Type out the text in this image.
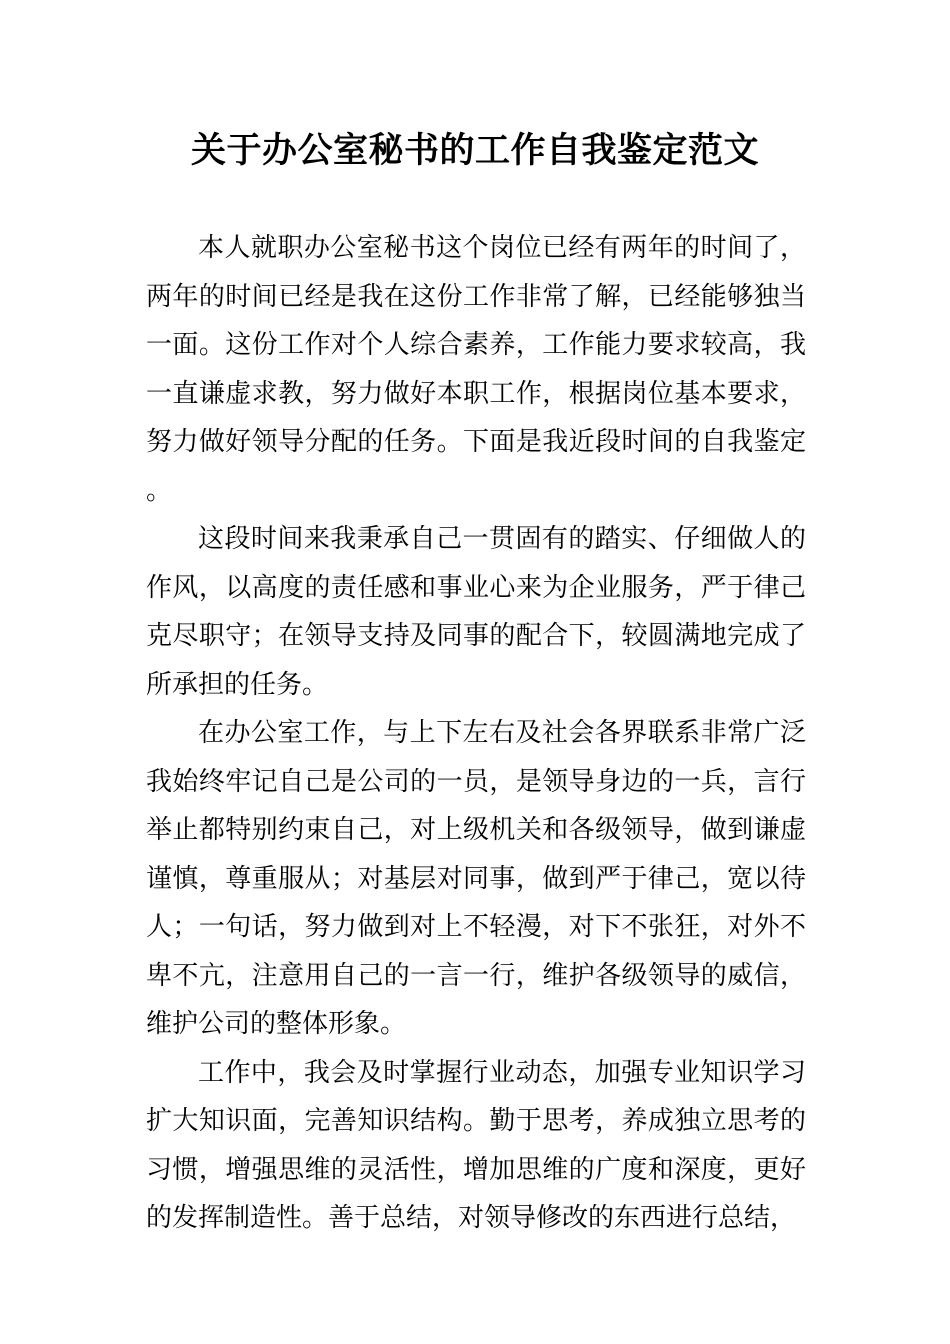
关于办公室秘书的工作自我鉴定范文

本人就职办公室秘书这个岗位已经有两年的时间了，两年的时间已经是我在这份工作非常了解，已经能够独当一面。这份工作对个人综合素养，工作能力要求较高，我一直谦虚求教，努力做好本职工作，根据岗位基本要求，努力做好领导分配的任务。下面是我近段时间的自我鉴定。

这段时间来我秉承自己一贯固有的踏实、仔细做人的作风，以高度的责任感和事业心来为企业服务，严于律己克尽职守；在领导支持及同事的配合下，较圆满地完成了所承担的任务。

在办公室工作，与上下左右及社会各界联系非常广泛我始终牢记自己是公司的一员，是领导身边的一兵，言行举止都特别约束自己，对上级机关和各级领导，做到谦虚谨慎，尊重服从；对基层对同事，做到严于律己，宽以待人；一句话，努力做到对上不轻漫，对下不张狂，对外不卑不亢，注意用自己的一言一行，维护各级领导的威信，维护公司的整体形象。

工作中，我会及时掌握行业动态，加强专业知识学习扩大知识面，完善知识结构。勤于思考，养成独立思考的习惯，增强思维的灵活性，增加思维的广度和深度，更好的发挥制造性。善于总结，对领导修改的东西进行总结，
